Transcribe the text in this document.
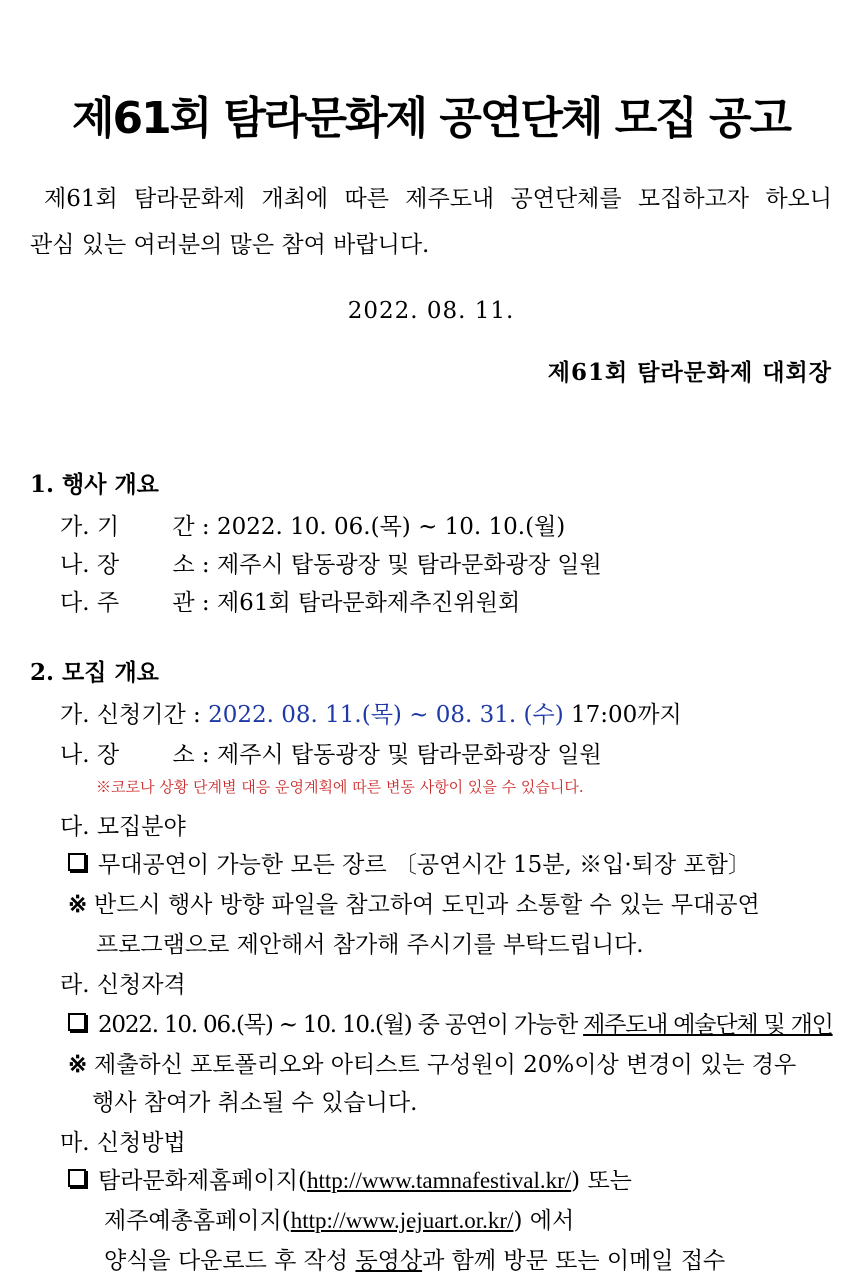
제61회 탐라문화제 공연단체 모집 공고
제61회 탐라문화제 개최에 따른 제주도내 공연단체를 모집하고자 하오니
관심 있는 여러분의 많은 참여 바랍니다.
2022. 08. 11.
제61회 탐라문화제 대회장
1. 행사 개요
가. 기 　　간 : 2022. 10. 06.(목) ~ 10. 10.(월)
나. 장 　　소 : 제주시 탑동광장 및 탐라문화광장 일원
다. 주 　　관 : 제61회 탐라문화제추진위원회
2. 모집 개요
가. 신청기간 : 2022. 08. 11.(목) ~ 08. 31. (수) 17:00까지
나. 장 　　소 : 제주시 탑동광장 및 탐라문화광장 일원
※코로나 상황 단계별 대응 운영계획에 따른 변동 사항이 있을 수 있습니다.
다. 모집분야
무대공연이 가능한 모든 장르 〔공연시간 15분, ※입·퇴장 포함〕
※ 반드시 행사 방향 파일을 참고하여 도민과 소통할 수 있는 무대공연
프로그램으로 제안해서 참가해 주시기를 부탁드립니다.
라. 신청자격
2022. 10. 06.(목) ~ 10. 10.(월) 중 공연이 가능한 제주도내 예술단체 및 개인
※ 제출하신 포토폴리오와 아티스트 구성원이 20%이상 변경이 있는 경우
행사 참여가 취소될 수 있습니다.
마. 신청방법
탐라문화제홈페이지(http://www.tamnafestival.kr/) 또는
제주예총홈페이지(http://www.jejuart.or.kr/) 에서
양식을 다운로드 후 작성 동영상과 함께 방문 또는 이메일 접수
